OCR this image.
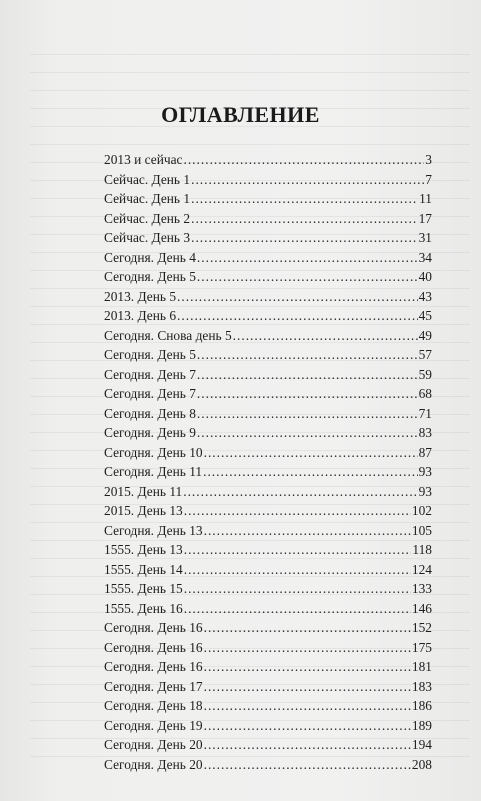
ОГЛАВЛЕНИЕ
2013 и сейчас .....	3
Сейчас. День 1 .....	7
Сейчас. День 1 .....	11
Сейчас. День 2 .....	17
Сейчас. День 3 .....	31
Сегодня. День 4 .....	34
Сегодня. День 5 .....	40
2013. День 5 .....	43
2013. День 6 .....	45
Сегодня. Снова день 5 .....	49
Сегодня. День 5 .....	57
Сегодня. День 7 .....	59
Сегодня. День 7 .....	68
Сегодня. День 8 .....	71
Сегодня. День 9 .....	83
Сегодня. День 10 .....	87
Сегодня. День 11 .....	93
2015. День 11 .....	93
2015. День 13 .....	102
Сегодня. День 13 .....	105
1555. День 13 .....	118
1555. День 14 .....	124
1555. День 15 .....	133
1555. День 16 .....	146
Сегодня. День 16 .....	152
Сегодня. День 16 .....	175
Сегодня. День 16 .....	181
Сегодня. День 17 .....	183
Сегодня. День 18 .....	186
Сегодня. День 19 .....	189
Сегодня. День 20 .....	194
Сегодня. День 20 .....	208
